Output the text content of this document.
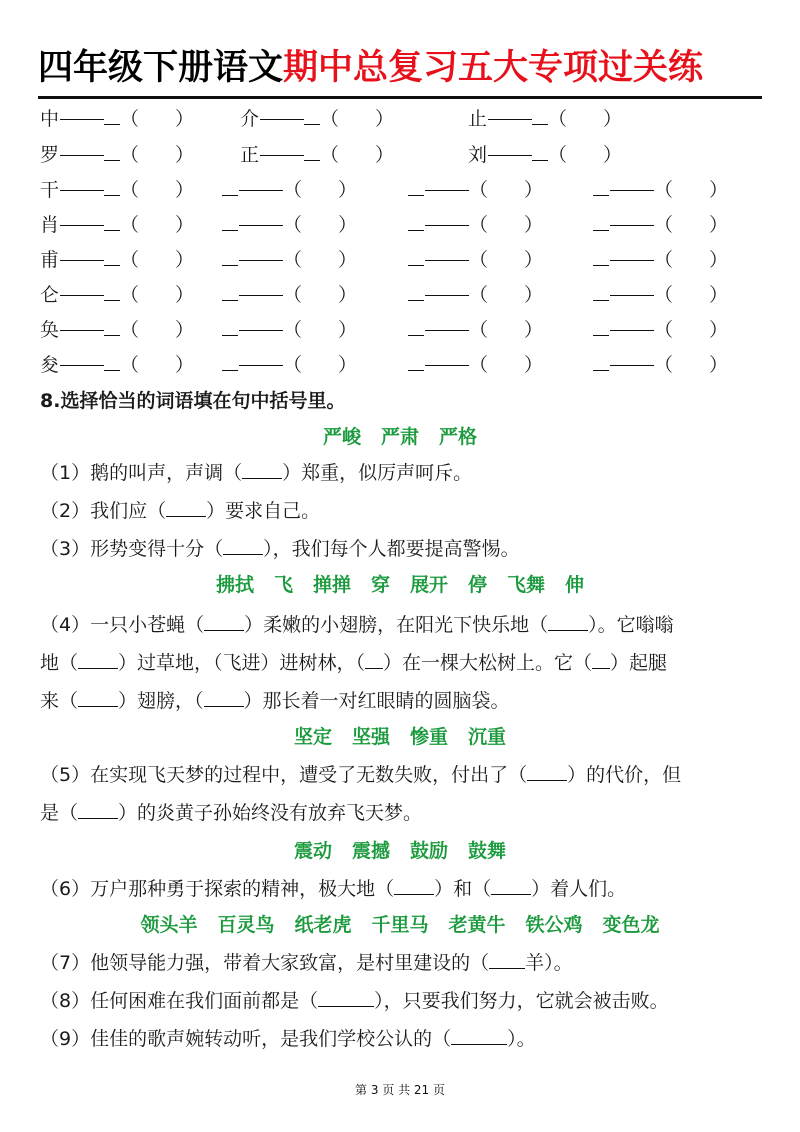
四年级下册语文期中总复习五大专项过关练
中	（ ） 介	（ ）	止	（ ）
罗	（ ） 正	（ ）	刘	（ ）
干	（ ）	（ ）	（ ）	（ ）
肖	（ ）	（ ）	（ ）	（ ）
甫	（ ）	（ ）	（ ）	（ ）
仑	（ ）	（ ）	（ ）	（ ）
奂	（ ）	（ ）	（ ）	（ ）
夋	（ ）	（ ）	（ ）	（ ）
8.选择恰当的词语填在句中括号里。
严峻 严肃 严格
（1）鹅的叫声，声调（ ）郑重，似厉声呵斥。
（2）我们应（ ）要求自己。
（3）形势变得十分（ ），我们每个人都要提高警惕。
拂拭 飞 掸掸 穿 展开 停 飞舞 伸
（4）一只小苍蝇（ ）柔嫩的小翅膀，在阳光下快乐地（ ）。它嗡嗡
地（ ）过草地，（飞进）进树林，（ ）在一棵大松树上。它（ ）起腿
来（ ）翅膀，（ ）那长着一对红眼睛的圆脑袋。
坚定 坚强 惨重 沉重
（5）在实现飞天梦的过程中，遭受了无数失败，付出了（ ）的代价，但
是（ ）的炎黄子孙始终没有放弃飞天梦。
震动 震撼 鼓励 鼓舞
（6）万户那种勇于探索的精神，极大地（ ）和（ ）着人们。
领头羊 百灵鸟 纸老虎 千里马 老黄牛 铁公鸡 变色龙
（7）他领导能力强，带着大家致富，是村里建设的（ 羊）。
（8）任何困难在我们面前都是（	），只要我们努力，它就会被击败。
（9）佳佳的歌声婉转动听，是我们学校公认的（	）。
第 3 页 共 21 页
